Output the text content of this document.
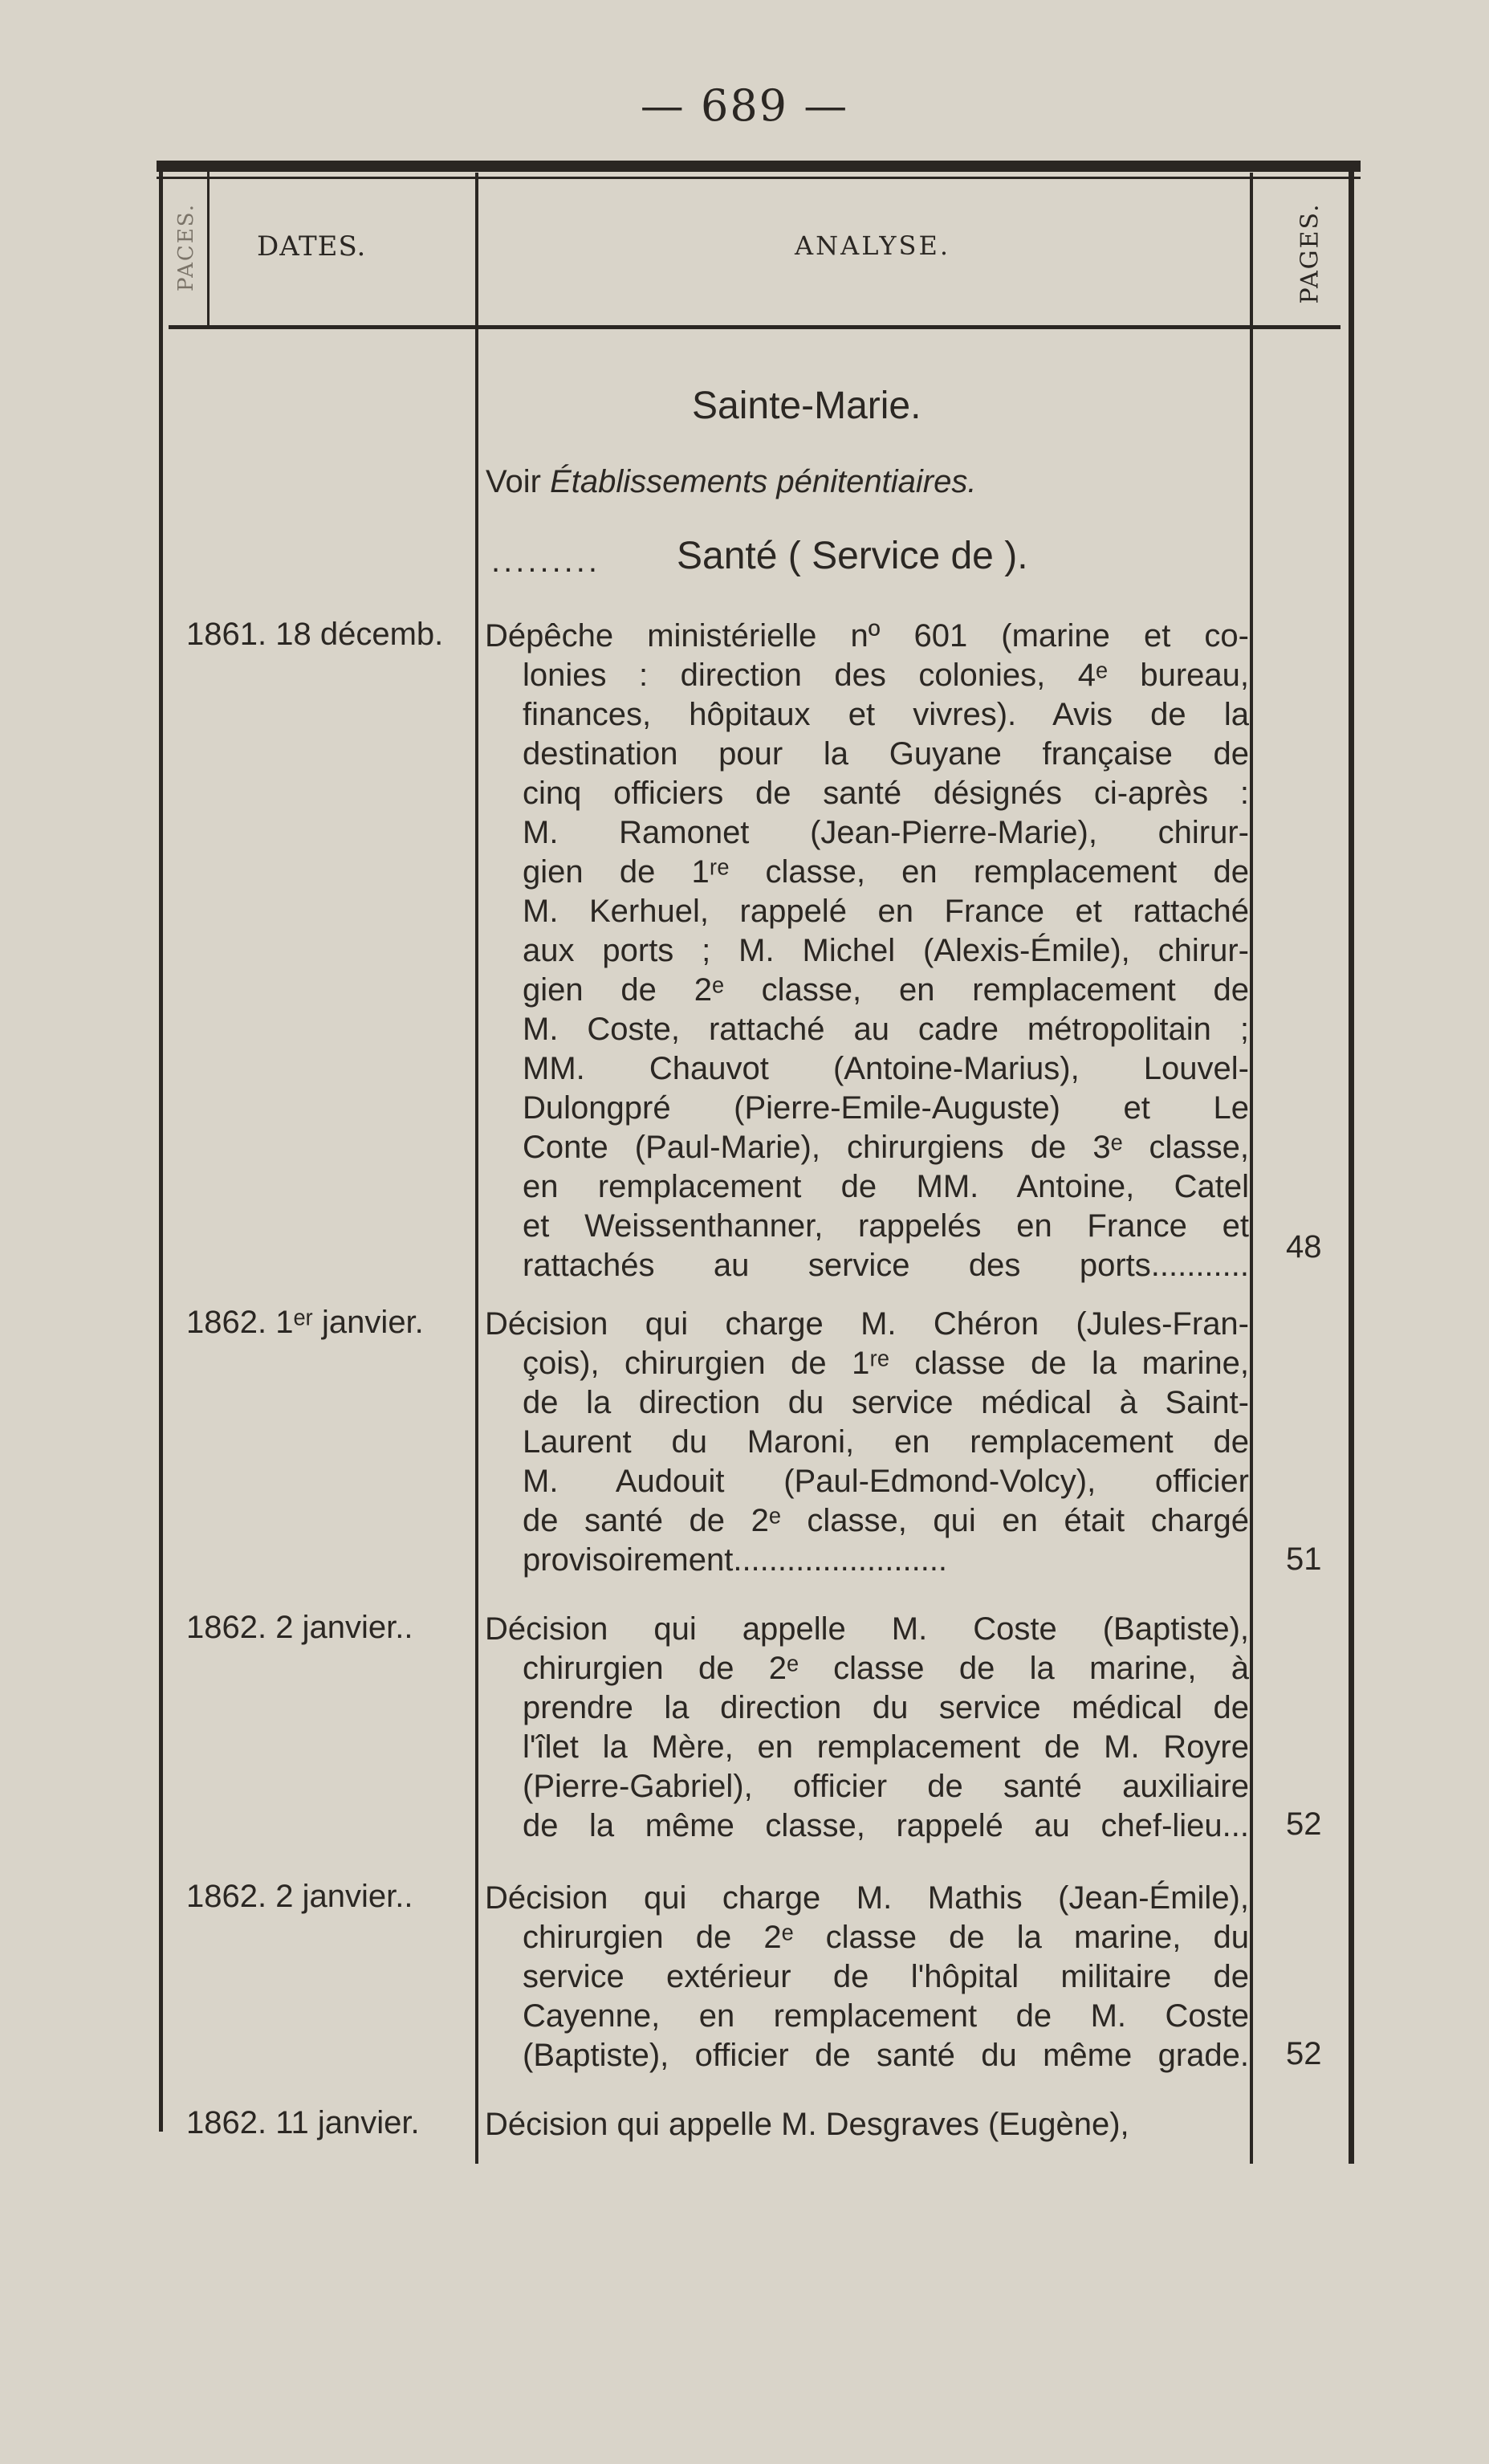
— 689 —
PACES. DATES.	ANALYSE.	PAGES.
Sainte-Marie.
Voir Établissements pénitentiaires.
......... Santé ( Service de ).
1861. 18 décemb. Dépêche ministérielle nº 601 (marine et co-
lonies : direction des colonies, 4ᵉ bureau,
finances, hôpitaux et vivres). Avis de la
destination pour la Guyane française de
cinq officiers de santé désignés ci-après :
M. Ramonet (Jean-Pierre-Marie), chirur-
gien de 1ʳᵉ classe, en remplacement de
M. Kerhuel, rappelé en France et rattaché
aux ports ; M. Michel (Alexis-Émile), chirur-
gien de 2ᵉ classe, en remplacement de
M. Coste, rattaché au cadre métropolitain ;
MM. Chauvot (Antoine-Marius), Louvel-
Dulongpré (Pierre-Emile-Auguste) et Le
Conte (Paul-Marie), chirurgiens de 3ᵉ classe,
en remplacement de MM. Antoine, Catel
et Weissenthanner, rappelés en France et
rattachés au service des ports...........
48
1862. 1ᵉʳ janvier. Décision qui charge M. Chéron (Jules-Fran-
çois), chirurgien de 1ʳᵉ classe de la marine,
de la direction du service médical à Saint-
Laurent du Maroni, en remplacement de
M. Audouit (Paul-Edmond-Volcy), officier
de santé de 2ᵉ classe, qui en était chargé
provisoirement........................	51
1862. 2 janvier.. Décision qui appelle M. Coste (Baptiste),
chirurgien de 2ᵉ classe de la marine, à
prendre la direction du service médical de
l'îlet la Mère, en remplacement de M. Royre
(Pierre-Gabriel), officier de santé auxiliaire
de la même classe, rappelé au chef-lieu... 52
1862. 2 janvier.. Décision qui charge M. Mathis (Jean-Émile),
chirurgien de 2ᵉ classe de la marine, du
service extérieur de l'hôpital militaire de
Cayenne, en remplacement de M. Coste
(Baptiste), officier de santé du même grade. 52
1862. 11 janvier. Décision qui appelle M. Desgraves (Eugène),
